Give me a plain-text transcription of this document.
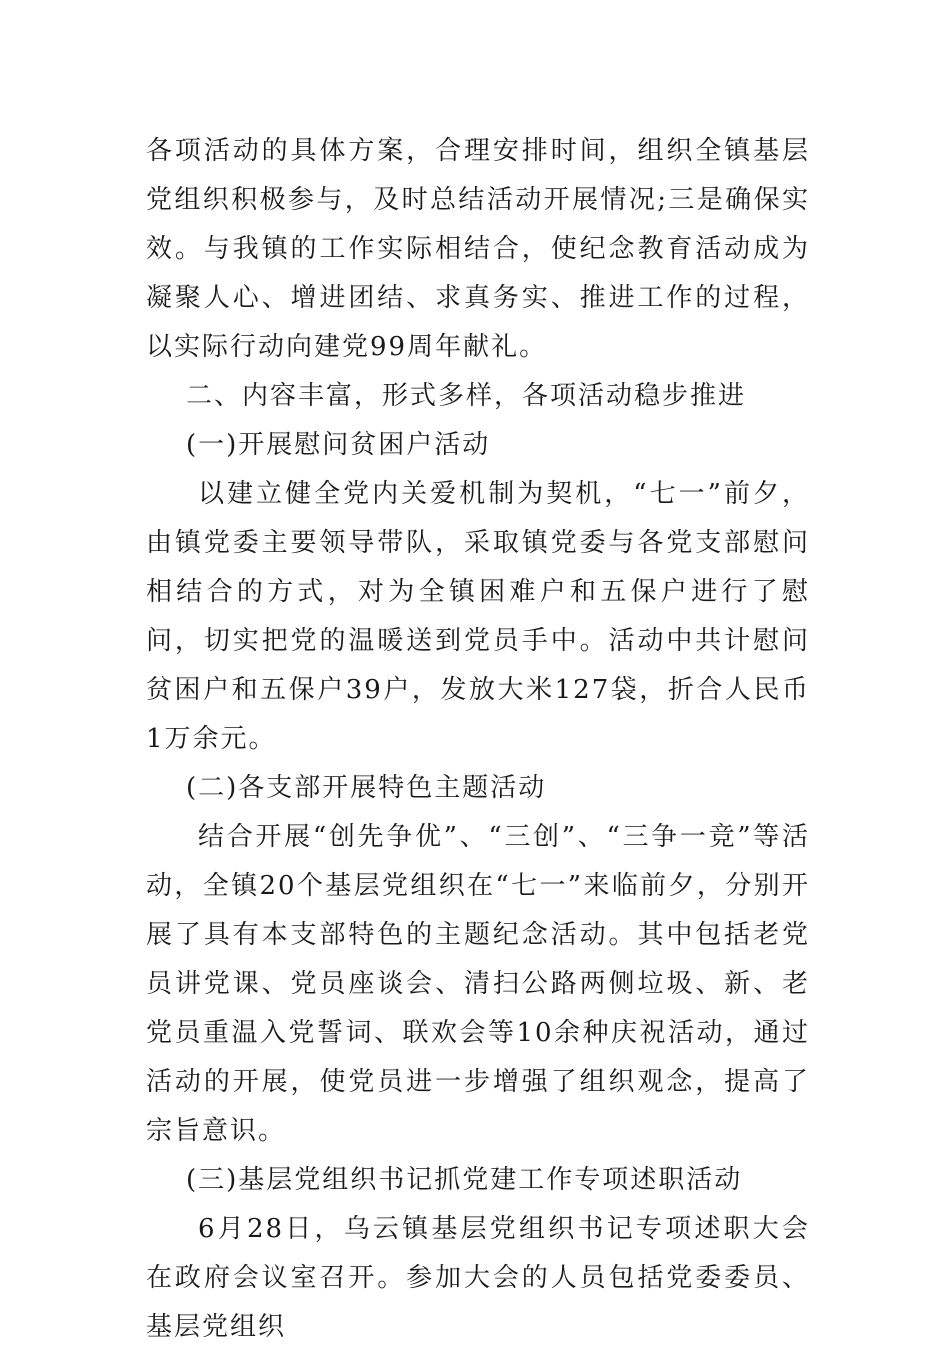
各项活动的具体方案，合理安排时间，组织全镇基层党组织积极参与，及时总结活动开展情况;三是确保实效。与我镇的工作实际相结合，使纪念教育活动成为凝聚人心、增进团结、求真务实、推进工作的过程，以实际行动向建党99周年献礼。

二、内容丰富，形式多样，各项活动稳步推进

(一)开展慰问贫困户活动

以建立健全党内关爱机制为契机，“七一”前夕，由镇党委主要领导带队，采取镇党委与各党支部慰问相结合的方式，对为全镇困难户和五保户进行了慰问，切实把党的温暖送到党员手中。活动中共计慰问贫困户和五保户39户，发放大米127袋，折合人民币1万余元。

(二)各支部开展特色主题活动

结合开展“创先争优”、“三创”、“三争一竞”等活动，全镇20个基层党组织在“七一”来临前夕，分别开展了具有本支部特色的主题纪念活动。其中包括老党员讲党课、党员座谈会、清扫公路两侧垃圾、新、老党员重温入党誓词、联欢会等10余种庆祝活动，通过活动的开展，使党员进一步增强了组织观念，提高了宗旨意识。

(三)基层党组织书记抓党建工作专项述职活动

6月28日，乌云镇基层党组织书记专项述职大会在政府会议室召开。参加大会的人员包括党委委员、基层党组织
